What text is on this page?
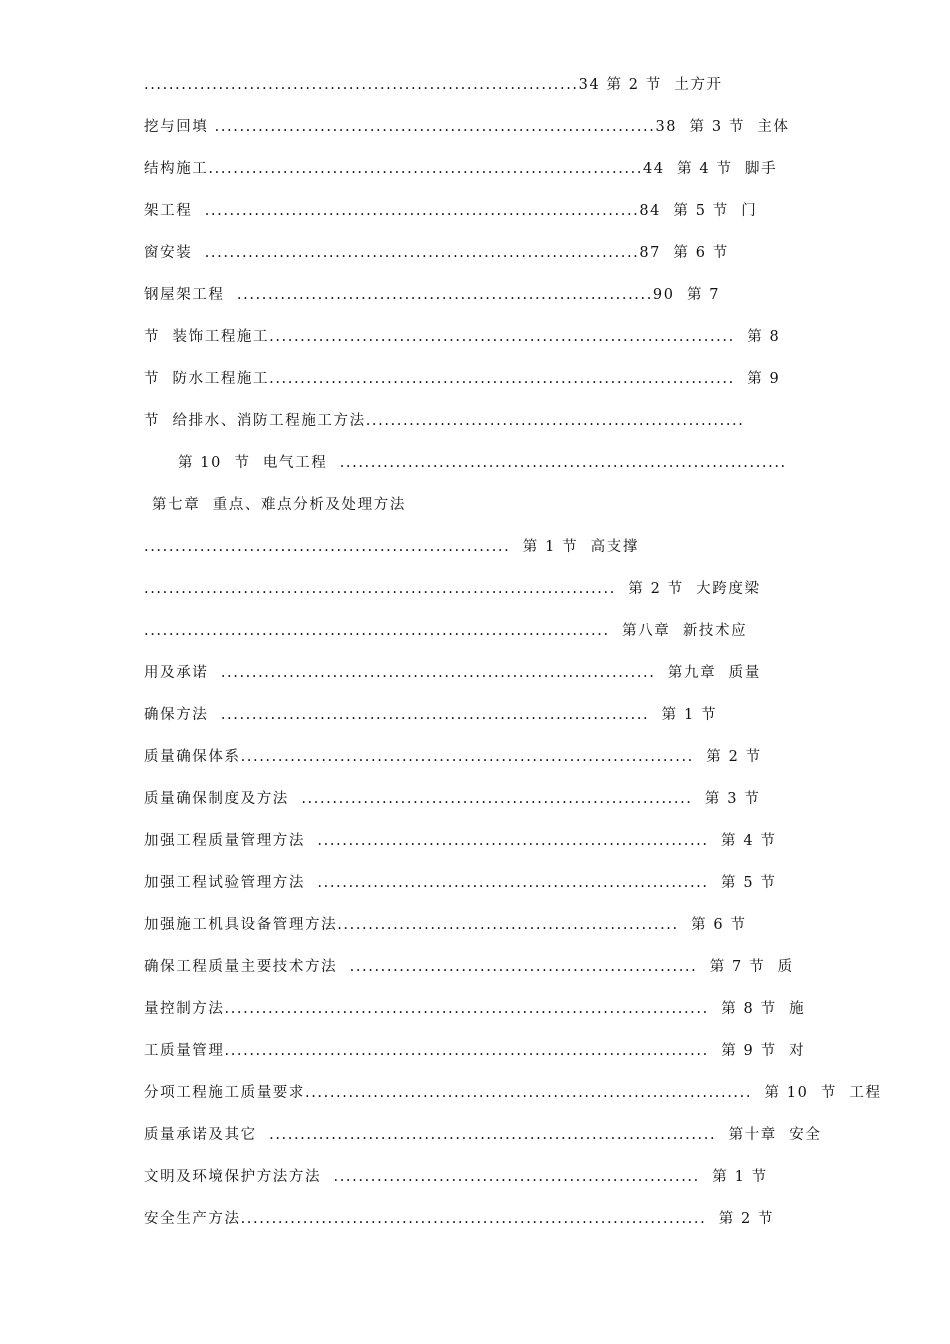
......................................................................34 第 2 节  土方开
挖与回填 .......................................................................38  第 3 节  主体
结构施工......................................................................44  第 4 节  脚手
架工程  ......................................................................84  第 5 节  门
窗安装  ......................................................................87  第 6 节
钢屋架工程  ...................................................................90  第 7
节  装饰工程施工...........................................................................  第 8
节  防水工程施工...........................................................................  第 9
节  给排水、消防工程施工方法.............................................................
第 10  节  电气工程  ........................................................................
第七章  重点、难点分析及处理方法
...........................................................  第 1 节  高支撑
............................................................................  第 2 节  大跨度梁
...........................................................................  第八章  新技术应
用及承诺  ......................................................................  第九章  质量
确保方法  .....................................................................  第 1 节
质量确保体系.........................................................................  第 2 节
质量确保制度及方法  ...............................................................  第 3 节
加强工程质量管理方法  ...............................................................  第 4 节
加强工程试验管理方法  ...............................................................  第 5 节
加强施工机具设备管理方法.......................................................  第 6 节
确保工程质量主要技术方法  ........................................................  第 7 节  质
量控制方法..............................................................................  第 8 节  施
工质量管理..............................................................................  第 9 节  对
分项工程施工质量要求........................................................................  第 10  节  工程
质量承诺及其它  ........................................................................  第十章  安全
文明及环境保护方法方法  ...........................................................  第 1 节
安全生产方法...........................................................................  第 2 节
